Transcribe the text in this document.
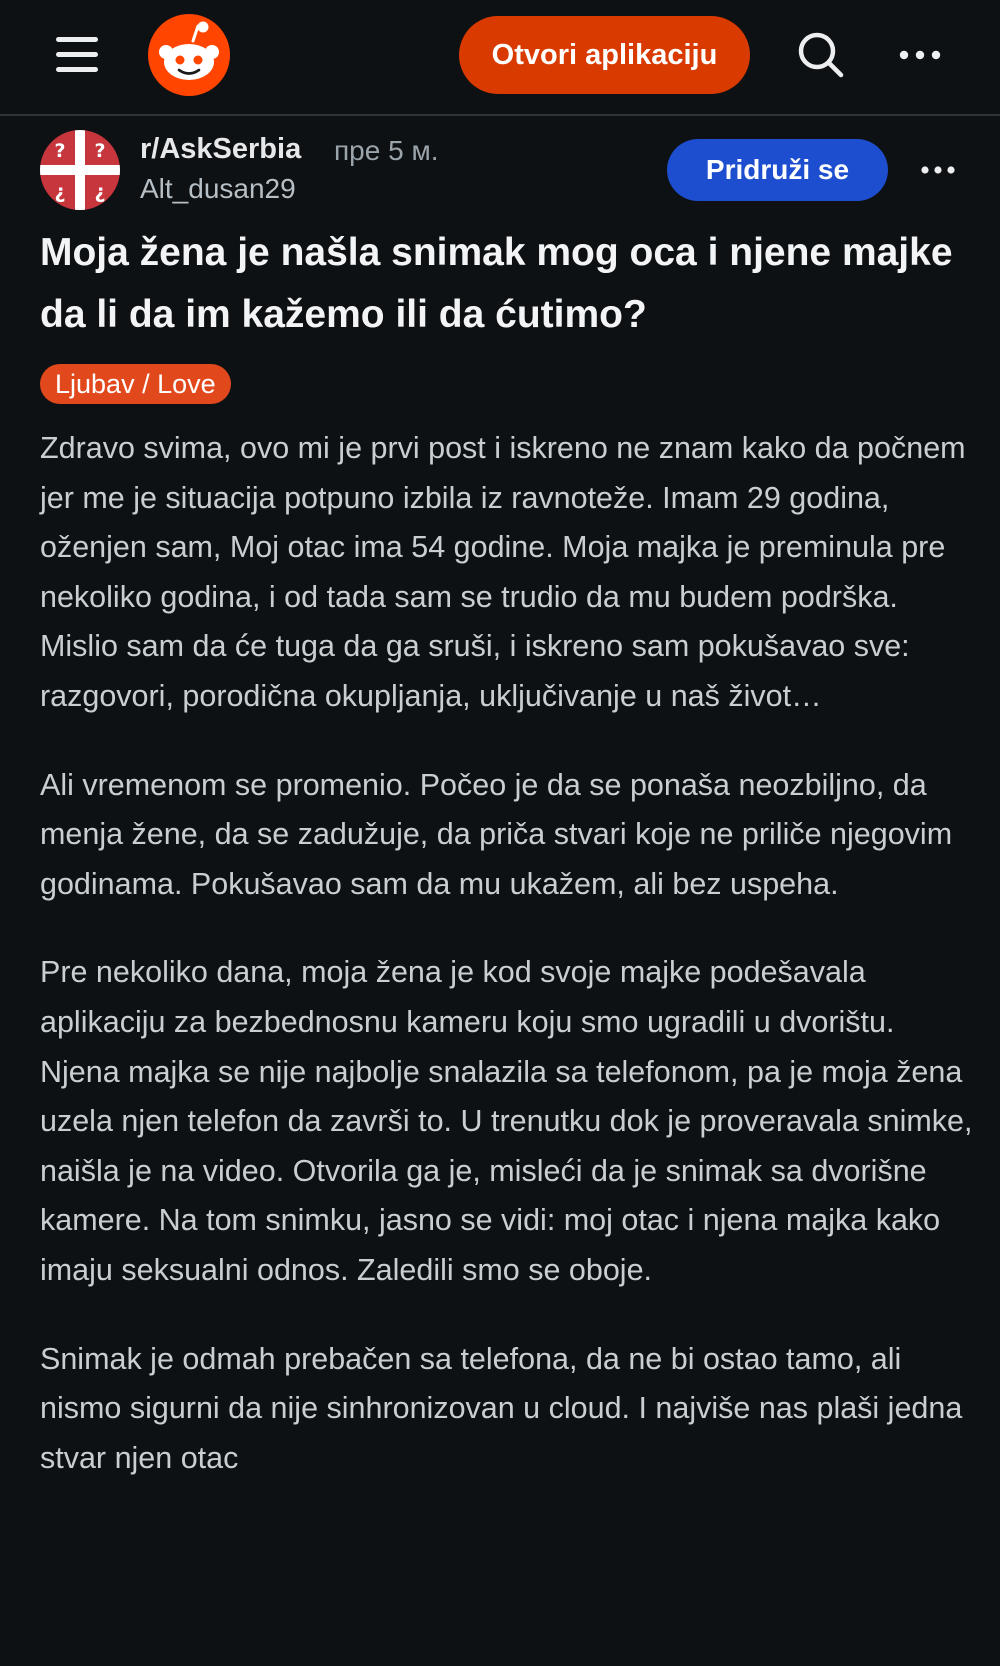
Otvori aplikaciju
? ?
¿ ¿
r/AskSerbia пре 5 м.
Alt_dusan29
Pridruži se
Moja žena je našla snimak mog oca i njene majke da li da im kažemo ili da ćutimo?
Ljubav / Love

Zdravo svima, ovo mi je prvi post i iskreno ne znam kako da počnem jer me je situacija potpuno izbila iz ravnoteže. Imam 29 godina, oženjen sam, Moj otac ima 54 godine. Moja majka je preminula pre nekoliko godina, i od tada sam se trudio da mu budem podrška. Mislio sam da će tuga da ga sruši, i iskreno sam pokušavao sve: razgovori, porodična okupljanja, uključivanje u naš život…

Ali vremenom se promenio. Počeo je da se ponaša neozbiljno, da menja žene, da se zadužuje, da priča stvari koje ne priliče njegovim godinama. Pokušavao sam da mu ukažem, ali bez uspeha.

Pre nekoliko dana, moja žena je kod svoje majke podešavala aplikaciju za bezbednosnu kameru koju smo ugradili u dvorištu. Njena majka se nije najbolje snalazila sa telefonom, pa je moja žena uzela njen telefon da završi to. U trenutku dok je proveravala snimke, naišla je na video. Otvorila ga je, misleći da je snimak sa dvorišne kamere. Na tom snimku, jasno se vidi: moj otac i njena majka kako imaju seksualni odnos. Zaledili smo se oboje.

Snimak je odmah prebačen sa telefona, da ne bi ostao tamo, ali nismo sigurni da nije sinhronizovan u cloud. I najviše nas plaši jedna stvar njen otac
